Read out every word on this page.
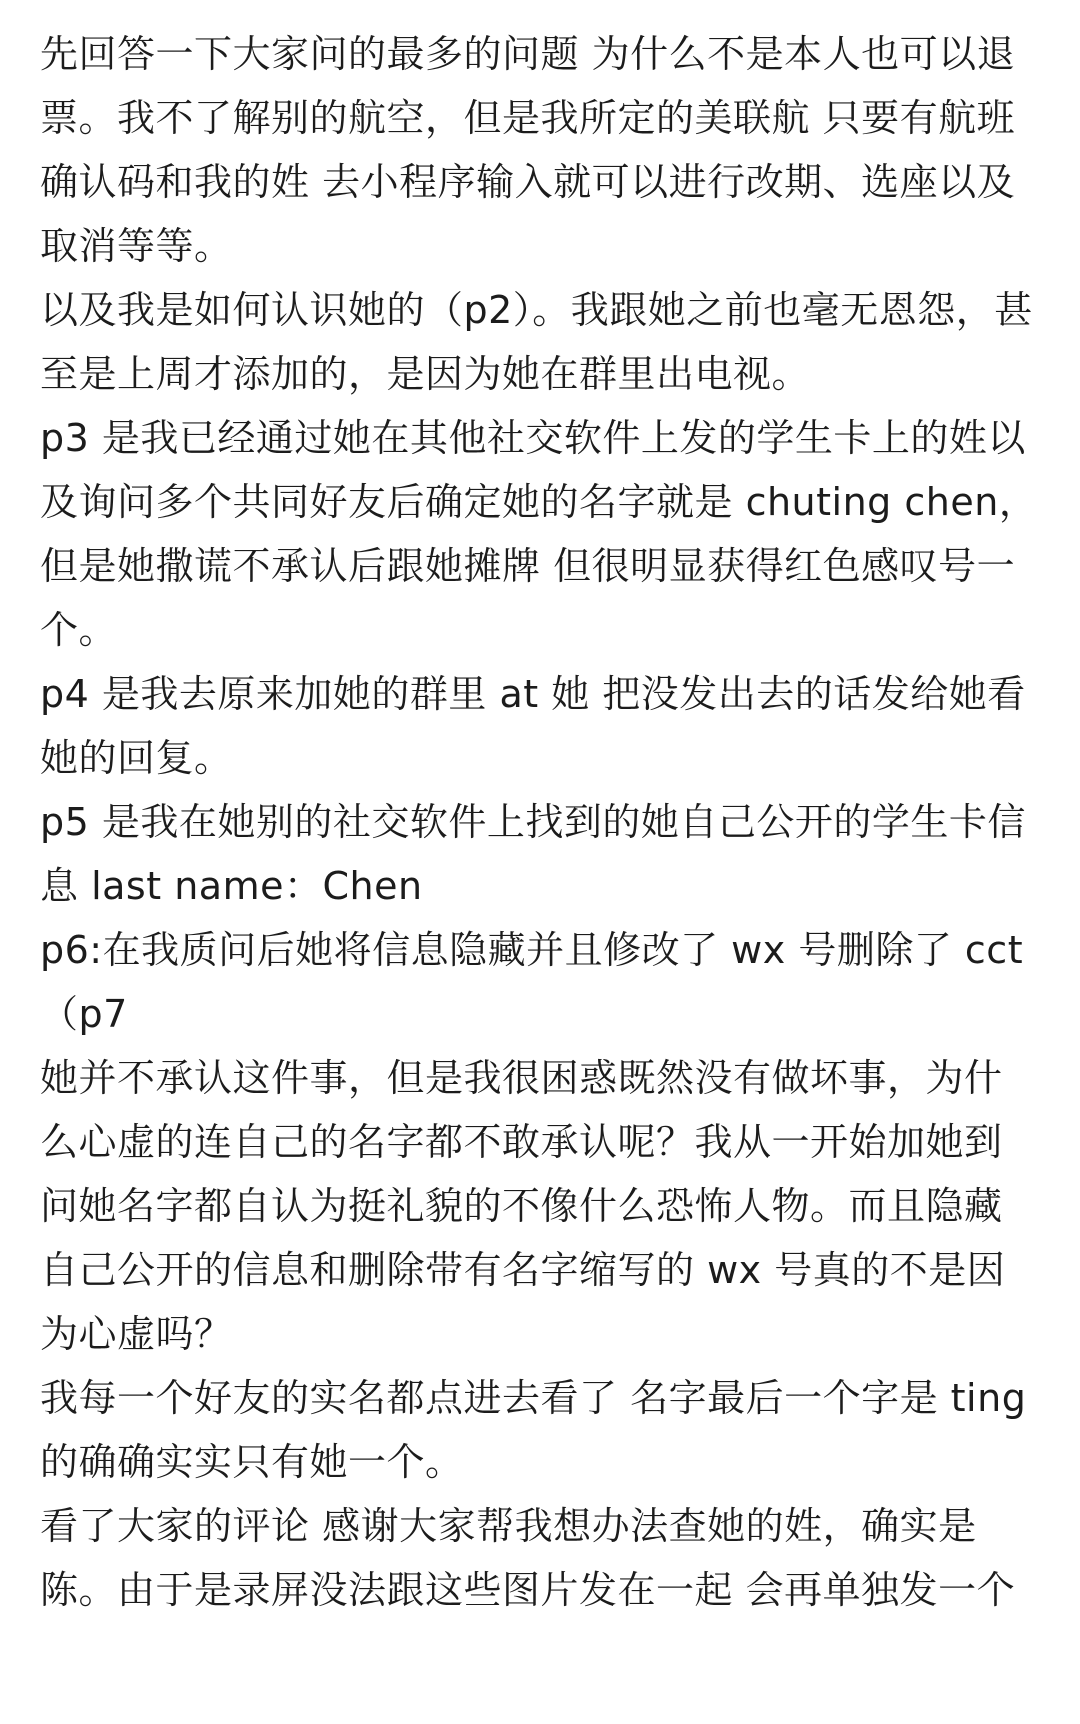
先回答一下大家问的最多的问题 为什么不是本人也可以退票。我不了解别的航空，但是我所定的美联航 只要有航班确认码和我的姓 去小程序输入就可以进行改期、选座以及取消等等。

以及我是如何认识她的（p2）。我跟她之前也毫无恩怨，甚至是上周才添加的，是因为她在群里出电视。

p3 是我已经通过她在其他社交软件上发的学生卡上的姓以及询问多个共同好友后确定她的名字就是 chuting chen，但是她撒谎不承认后跟她摊牌 但很明显获得红色感叹号一个。

p4 是我去原来加她的群里 at 她 把没发出去的话发给她看她的回复。

p5 是我在她别的社交软件上找到的她自己公开的学生卡信息 last name：Chen

p6:在我质问后她将信息隐藏并且修改了 wx 号删除了 cct（p7

她并不承认这件事，但是我很困惑既然没有做坏事，为什么心虚的连自己的名字都不敢承认呢？我从一开始加她到问她名字都自认为挺礼貌的不像什么恐怖人物。而且隐藏自己公开的信息和删除带有名字缩写的 wx 号真的不是因为心虚吗？

我每一个好友的实名都点进去看了 名字最后一个字是 ting 的确确实实只有她一个。

看了大家的评论 感谢大家帮我想办法查她的姓，确实是陈。由于是录屏没法跟这些图片发在一起 会再单独发一个
